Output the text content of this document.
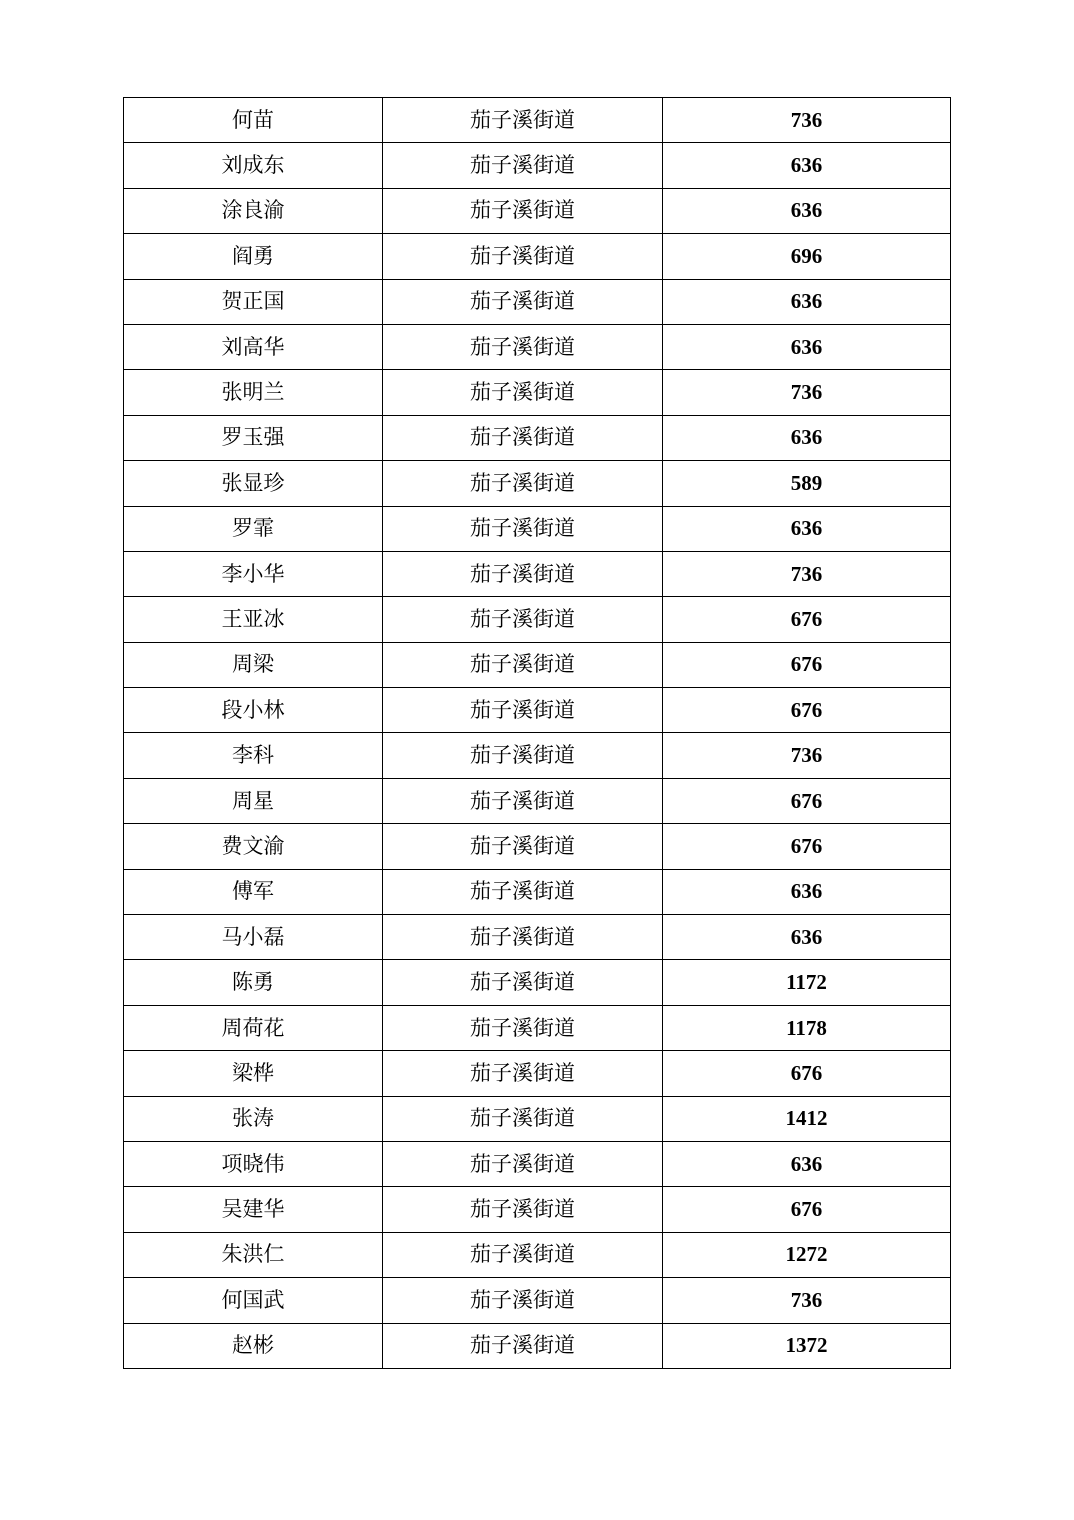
何苗	茄子溪街道	736
刘成东	茄子溪街道	636
涂良渝	茄子溪街道	636
阎勇	茄子溪街道	696
贺正国	茄子溪街道	636
刘高华	茄子溪街道	636
张明兰	茄子溪街道	736
罗玉强	茄子溪街道	636
张显珍	茄子溪街道	589
罗霏	茄子溪街道	636
李小华	茄子溪街道	736
王亚冰	茄子溪街道	676
周梁	茄子溪街道	676
段小林	茄子溪街道	676
李科	茄子溪街道	736
周星	茄子溪街道	676
费文渝	茄子溪街道	676
傅军	茄子溪街道	636
马小磊	茄子溪街道	636
陈勇	茄子溪街道	1172
周荷花	茄子溪街道	1178
梁桦	茄子溪街道	676
张涛	茄子溪街道	1412
项晓伟	茄子溪街道	636
吴建华	茄子溪街道	676
朱洪仁	茄子溪街道	1272
何国武	茄子溪街道	736
赵彬	茄子溪街道	1372
